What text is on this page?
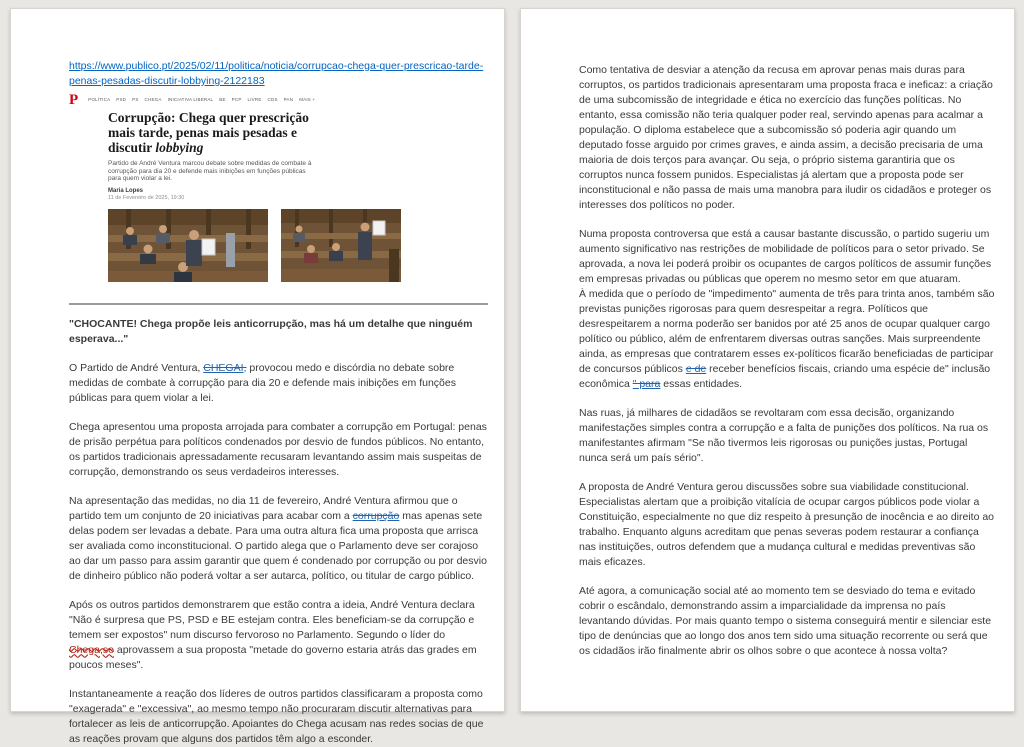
https://www.publico.pt/2025/02/11/politica/noticia/corrupcao-chega-quer-prescricao-tarde-penas-pesadas-discutir-lobbying-2122183
P POLÍTICA PSD PS CHEGA INICIATIVA LIBERAL BE PCP LIVRE CDS PAN MAIS +
Corrupção: Chega quer prescrição mais tarde, penas mais pesadas e discutir lobbying
Partido de André Ventura marcou debate sobre medidas de combate à corrupção para dia 20 e defende mais inibições em funções públicas para quem violar a lei.
Maria Lopes
11 de Fevereiro de 2025, 19:30

"CHOCANTE! Chega propõe leis anticorrupção, mas há um detalhe que ninguém esperava..."

O Partido de André Ventura, CHEGAI, provocou medo e discórdia no debate sobre medidas de combate à corrupção para dia 20 e defende mais inibições em funções públicas para quem violar a lei.

Chega apresentou uma proposta arrojada para combater a corrupção em Portugal: penas de prisão perpétua para políticos condenados por desvio de fundos públicos. No entanto, os partidos tradicionais apressadamente recusaram levantando assim mais suspeitas de corrupção, demonstrando os seus verdadeiros interesses.

Na apresentação das medidas, no dia 11 de fevereiro, André Ventura afirmou que o partido tem um conjunto de 20 iniciativas para acabar com a corrupção mas apenas sete delas podem ser levadas a debate. Para uma outra altura fica uma proposta que arrisca ser avaliada como inconstitucional. O partido alega que o Parlamento deve ser corajoso ao dar um passo para assim garantir que quem é condenado por corrupção ou por desvio de dinheiro público não poderá voltar a ser autarca, político, ou titular de cargo público.

Após os outros partidos demonstrarem que estão contra a ideia, André Ventura declara "Não é surpresa que PS, PSD e BE estejam contra. Eles beneficiam-se da corrupção e temem ser expostos" num discurso fervoroso no Parlamento. Segundo o líder do Chega,se aprovassem a sua proposta "metade do governo estaria atrás das grades em poucos meses".

Instantaneamente a reação dos líderes de outros partidos classificaram a proposta como "exagerada" e "excessiva", ao mesmo tempo não procuraram discutir alternativas para fortalecer as leis de anticorrupção. Apoiantes do Chega acusam nas redes socias de que as reações provam que alguns dos partidos têm algo a esconder.

Como tentativa de desviar a atenção da recusa em aprovar penas mais duras para corruptos, os partidos tradicionais apresentaram uma proposta fraca e ineficaz: a criação de uma subcomissão de integridade e ética no exercício das funções políticas. No entanto, essa comissão não teria qualquer poder real, servindo apenas para acalmar a população. O diploma estabelece que a subcomissão só poderia agir quando um deputado fosse arguido por crimes graves, e ainda assim, a decisão precisaria de uma maioria de dois terços para avançar. Ou seja, o próprio sistema garantiria que os corruptos nunca fossem punidos. Especialistas já alertam que a proposta pode ser inconstitucional e não passa de mais uma manobra para iludir os cidadãos e proteger os interesses dos políticos no poder.

Numa proposta controversa que está a causar bastante discussão, o partido sugeriu um aumento significativo nas restrições de mobilidade de políticos para o setor privado. Se aprovada, a nova lei poderá proibir os ocupantes de cargos políticos de assumir funções em empresas privadas ou públicas que operem no mesmo setor em que atuaram.

À medida que o período de "impedimento" aumenta de três para trinta anos, também são previstas punições rigorosas para quem desrespeitar a regra. Políticos que desrespeitarem a norma poderão ser banidos por até 25 anos de ocupar qualquer cargo político ou público, além de enfrentarem diversas outras sanções. Mais surpreendente ainda, as empresas que contratarem esses ex-políticos ficarão beneficiadas de participar de concursos públicos e de receber benefícios fiscais, criando uma espécie de" inclusão econômica " para essas entidades.

Nas ruas, já milhares de cidadãos se revoltaram com essa decisão, organizando manifestações simples contra a corrupção e a falta de punições dos políticos. Na rua os manifestantes afirmam "Se não tivermos leis rigorosas ou punições justas, Portugal nunca será um país sério".

A proposta de André Ventura gerou discussões sobre sua viabilidade constitucional. Especialistas alertam que a proibição vitalícia de ocupar cargos públicos pode violar a Constituição, especialmente no que diz respeito à presunção de inocência e ao direito ao trabalho. Enquanto alguns acreditam que penas severas podem restaurar a confiança nas instituições, outros defendem que a mudança cultural e medidas preventivas são mais eficazes.

Até agora, a comunicação social até ao momento tem se desviado do tema e evitado cobrir o escândalo, demonstrando assim a imparcialidade da imprensa no país levantando dúvidas. Por mais quanto tempo o sistema conseguirá mentir e silenciar este tipo de denúncias que ao longo dos anos tem sido uma situação recorrente ou será que os cidadãos irão finalmente abrir os olhos sobre o que acontece à nossa volta?
